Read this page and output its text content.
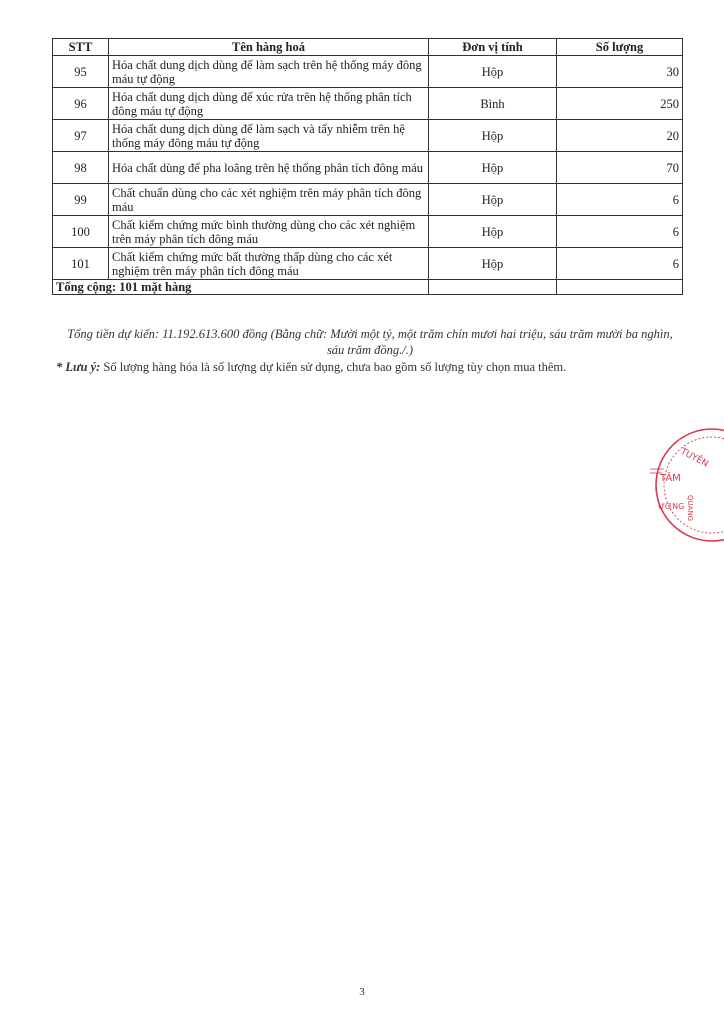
STT	Tên hàng hoá	Đơn vị tính	Số lượng
95	Hóa chất dung dịch dùng để làm sạch trên hệ thống máy đông máu tự động	Hộp	30
96	Hóa chất dung dịch dùng để xúc rửa trên hệ thống phân tích đông máu tự động	Bình	250
97	Hóa chất dung dịch dùng để làm sạch và tẩy nhiễm trên hệ thống máy đông máu tự động	Hộp	20
98	Hóa chất dùng để pha loãng trên hệ thống phân tích đông máu	Hộp	70
99	Chất chuẩn dùng cho các xét nghiệm trên máy phân tích đông máu	Hộp	6
100	Chất kiểm chứng mức bình thường dùng cho các xét nghiệm trên máy phân tích đông máu	Hộp	6
101	Chất kiểm chứng mức bất thường thấp dùng cho các xét nghiệm trên máy phân tích đông máu	Hộp	6
Tổng cộng: 101 mặt hàng			
Tổng tiền dự kiến: 11.192.613.600 đồng (Bằng chữ: Mười một tỷ, một trăm chín mươi hai triệu, sáu trăm mười ba nghìn,
sáu trăm đồng./.)
* Lưu ý: Số lượng hàng hóa là số lượng dự kiến sử dụng, chưa bao gồm số lượng tùy chọn mua thêm.
TUYÊN
TÂM
QUANG
ƯƠNG
3
